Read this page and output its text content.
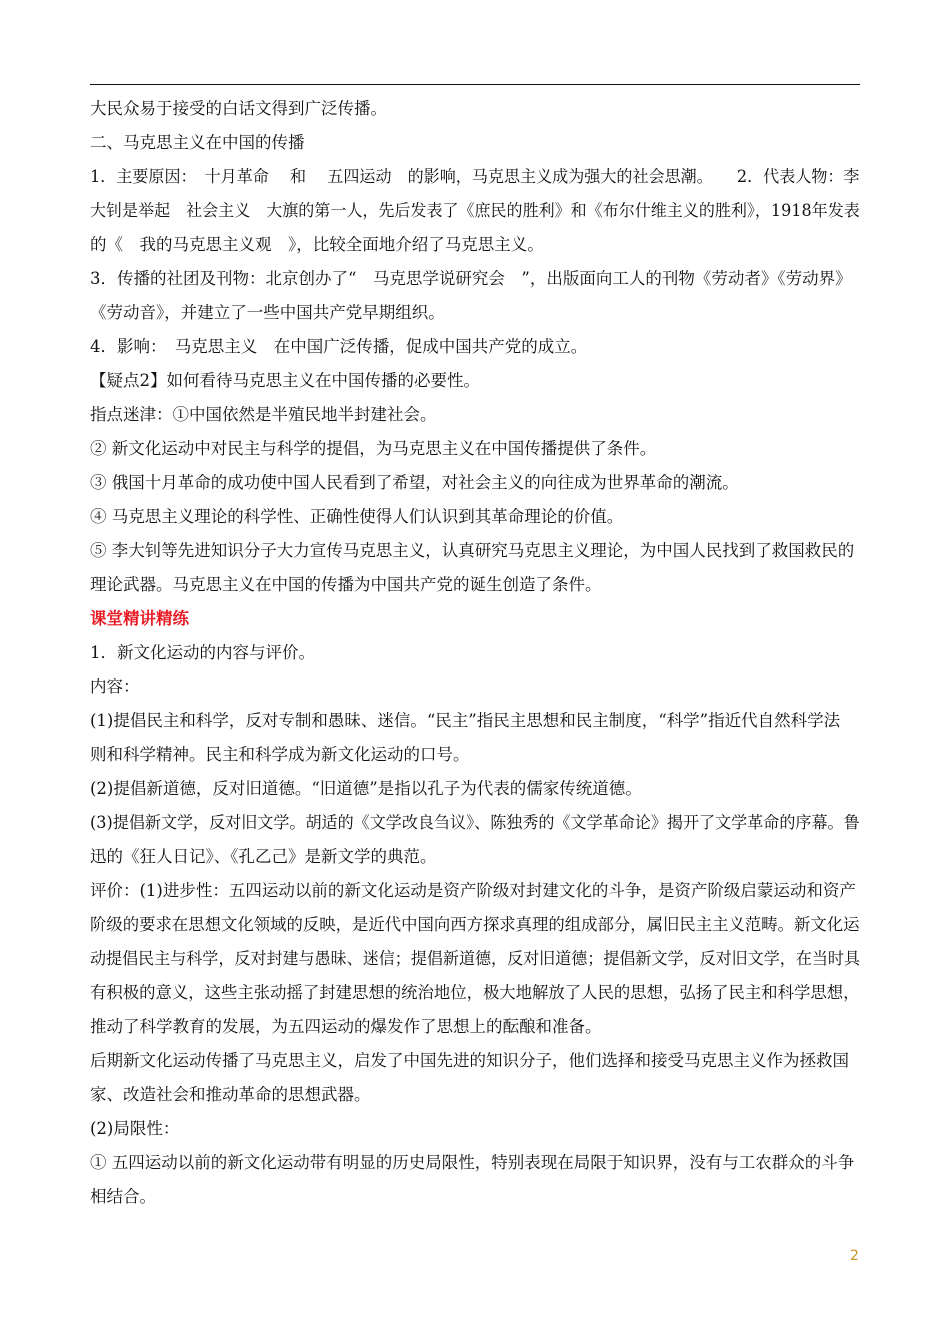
大民众易于接受的白话文得到广泛传播。

二、马克思主义在中国的传播

1．主要原因：　十月革命　 和　 五四运动　的影响，马克思主义成为强大的社会思潮。　　2．代表人物：李

大钊是举起　社会主义　大旗的第一人，先后发表了《庶民的胜利》和《布尔什维主义的胜利》，1918年发表

的《　我的马克思主义观　》，比较全面地介绍了马克思主义。

3．传播的社团及刊物：北京创办了“　马克思学说研究会　”，出版面向工人的刊物《劳动者》《劳动界》

《劳动音》，并建立了一些中国共产党早期组织。

4．影响：　马克思主义　在中国广泛传播，促成中国共产党的成立。

【疑点2】如何看待马克思主义在中国传播的必要性。

指点迷津：①中国依然是半殖民地半封建社会。

② 新文化运动中对民主与科学的提倡，为马克思主义在中国传播提供了条件。

③ 俄国十月革命的成功使中国人民看到了希望，对社会主义的向往成为世界革命的潮流。

④ 马克思主义理论的科学性、正确性使得人们认识到其革命理论的价值。

⑤ 李大钊等先进知识分子大力宣传马克思主义，认真研究马克思主义理论，为中国人民找到了救国救民的

理论武器。马克思主义在中国的传播为中国共产党的诞生创造了条件。

课堂精讲精练

1．新文化运动的内容与评价。

内容：

(1)提倡民主和科学，反对专制和愚昧、迷信。“民主”指民主思想和民主制度，“科学”指近代自然科学法

则和科学精神。民主和科学成为新文化运动的口号。

(2)提倡新道德，反对旧道德。“旧道德”是指以孔子为代表的儒家传统道德。

(3)提倡新文学，反对旧文学。胡适的《文学改良刍议》、陈独秀的《文学革命论》揭开了文学革命的序幕。鲁

迅的《狂人日记》、《孔乙己》是新文学的典范。

评价：(1)进步性：五四运动以前的新文化运动是资产阶级对封建文化的斗争，是资产阶级启蒙运动和资产

阶级的要求在思想文化领域的反映，是近代中国向西方探求真理的组成部分，属旧民主主义范畴。新文化运

动提倡民主与科学，反对封建与愚昧、迷信；提倡新道德，反对旧道德；提倡新文学，反对旧文学，在当时具

有积极的意义，这些主张动摇了封建思想的统治地位，极大地解放了人民的思想，弘扬了民主和科学思想，

推动了科学教育的发展，为五四运动的爆发作了思想上的酝酿和准备。

后期新文化运动传播了马克思主义，启发了中国先进的知识分子，他们选择和接受马克思主义作为拯救国

家、改造社会和推动革命的思想武器。

(2)局限性：

① 五四运动以前的新文化运动带有明显的历史局限性，特别表现在局限于知识界，没有与工农群众的斗争

相结合。

2
